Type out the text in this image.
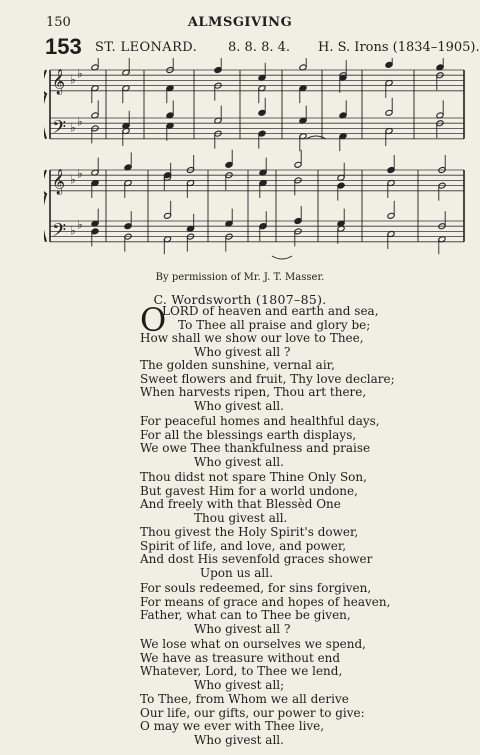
150	ALMSGIVING
153 ST. LEONARD. 8. 8. 8. 4. H. S. Irons (1834–1905).
𝄞 ♭ ♭
𝄢 ♭ ♭
𝄞 ♭ ♭
𝄢 ♭ ♭
By permission of Mr. J. T. Masser.
C. Wordsworth (1807–85).
O
LORD of heaven and earth and sea,
To Thee all praise and glory be;
How shall we show our love to Thee,
Who givest all ?
The golden sunshine, vernal air,
Sweet flowers and fruit, Thy love declare;
When harvests ripen, Thou art there,
Who givest all.
For peaceful homes and healthful days,
For all the blessings earth displays,
We owe Thee thankfulness and praise
Who givest all.
Thou didst not spare Thine Only Son,
But gavest Him for a world undone,
And freely with that Blessèd One
Thou givest all.
Thou givest the Holy Spirit's dower,
Spirit of life, and love, and power,
And dost His sevenfold graces shower
Upon us all.
For souls redeemed, for sins forgiven,
For means of grace and hopes of heaven,
Father, what can to Thee be given,
Who givest all ?
We lose what on ourselves we spend,
We have as treasure without end
Whatever, Lord, to Thee we lend,
Who givest all;
To Thee, from Whom we all derive
Our life, our gifts, our power to give:
O may we ever with Thee live,
Who givest all.
